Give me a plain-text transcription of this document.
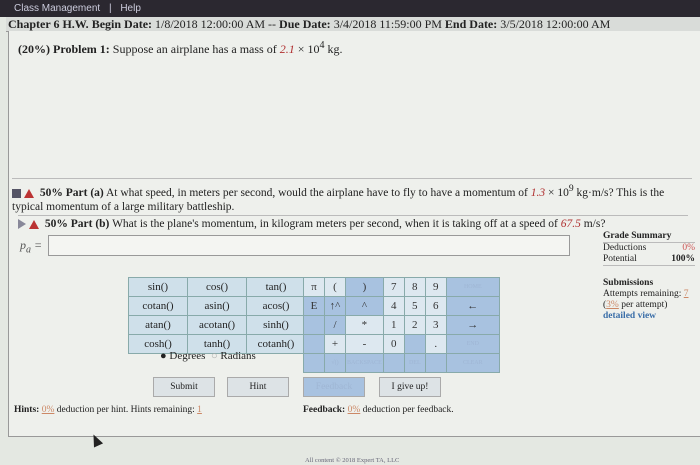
Class Management | Help
Chapter 6 H.W. Begin Date: 1/8/2018 12:00:00 AM -- Due Date: 3/4/2018 11:59:00 PM End Date: 3/5/2018 12:00:00 AM
(20%) Problem 1: Suppose an airplane has a mass of $2.1 \times 10^4$ kg.
50% Part (a) At what speed, in meters per second, would the airplane have to fly to have a momentum of $1.3 \times 10^9$ kg·m/s? This is the typical momentum of a large military battleship.
50% Part (b) What is the plane's momentum, in kilogram meters per second, when it is taking off at a speed of 67.5 m/s?
$p_a$ =
Grade Summary
Deductions	0%
Potential	100%
Submissions
Attempts remaining: 7
(3% per attempt)
detailed view
sin()	cos()	tan()
cotan()	asin()	acos()
atan()	acotan()	sinh()
cosh()	tanh()	cotanh()
● Degrees ○ Radians
π	(	)	7	8	9	HOME
E	↑^	^	4	5	6	←
	/	*	1	2	3	→
	+	-	0		.	END
	√()	BACKSPACE		DEL		CLEAR
Submit	Hint	Feedback	I give up!
Hints: 0% deduction per hint. Hints remaining: 1	Feedback: 0% deduction per feedback.
All content © 2018 Expert TA, LLC
